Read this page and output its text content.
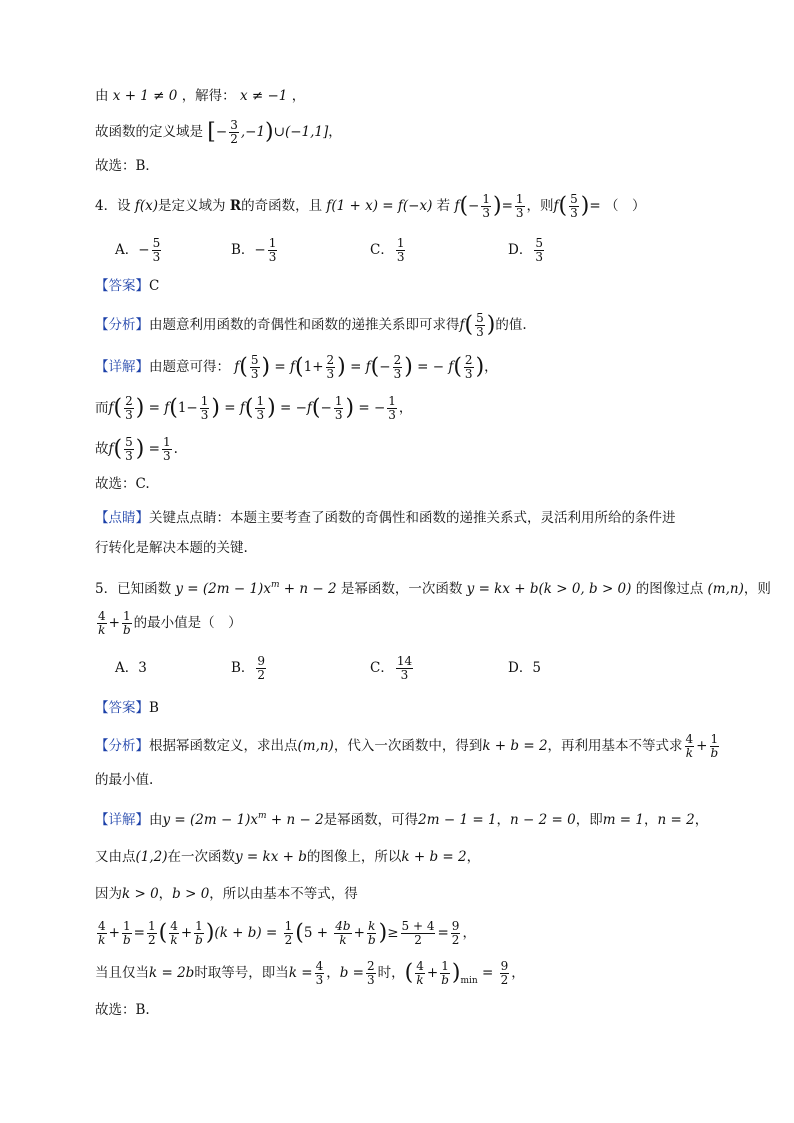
由 x + 1 ≠ 0 ，解得： x ≠ −1 ，
故函数的定义域是 [− $\frac{3}{2}$ ,−1)∪(−1,1]，
故选：B．
4．设 f(x)是定义域为 R的奇函数，且 f(1 + x) = f(−x) 若 $f(- \frac{1}{3}$ )= $\frac{1}{3}$ ，则$f( \frac{5}{3}$ )= （　）
A．− $\frac{5}{3}$	B．− $\frac{1}{3}$	C． $\frac{1}{3}$	D． $\frac{5}{3}$
【答案】C
【分析】由题意利用函数的奇偶性和函数的递推关系即可求得$f( \frac{5}{3}$ )的值.
【详解】由题意可得： $f( \frac{5}{3}$ ) = $f(1+ \frac{2}{3}$ ) = $f(- \frac{2}{3}$ ) = − $f( \frac{2}{3}$ )，
而$f( \frac{2}{3}$ ) = $f(1- \frac{1}{3}$ ) = $f( \frac{1}{3}$ ) = $-f(- \frac{1}{3}$ ) = − $\frac{1}{3}$ ，
故$f( \frac{5}{3}$ ) = $\frac{1}{3}$ .
故选：C.
【点睛】关键点点睛：本题主要考查了函数的奇偶性和函数的递推关系式，灵活利用所给的条件进
行转化是解决本题的关键.
5．已知函数 $y = (2m - 1)x^m + n - 2$ 是幂函数，一次函数 y = kx + b(k > 0, b > 0) 的图像过点 (m,n)，则
$\frac{4}{k} + \frac{1}{b}$ 的最小值是（　）
A．3	B． $\frac{9}{2}$	C． $\frac{14}{3}$	D．5
【答案】B
【分析】根据幂函数定义，求出点(m,n)，代入一次函数中，得到k + b = 2，再利用基本不等式求 $\frac{4}{k} + \frac{1}{b}$
的最小值.
【详解】由$y = (2m - 1)x^m + n - 2$是幂函数，可得2m − 1 = 1，n − 2 = 0，即m = 1，n = 2，
又由点(1,2)在一次函数y = kx + b的图像上，所以k + b = 2，
因为k > 0，b > 0，所以由基本不等式，得
$\frac{4}{k} + \frac{1}{b} = \frac{1}{2}$ ( $\frac{4}{k} + \frac{1}{b} )(k + b) = \frac{1}{2} (5 + \frac{4b}{k} + \frac{k}{b}$ )≥ $\frac{5 + 4}{2} = \frac{9}{2}$ ，
当且仅当k = 2b时取等号，即当$k = \frac{4}{3}$ ，$b = \frac{2}{3}$ 时，( $\frac{4}{k} + \frac{1}{b} )_{min} = \frac{9}{2}$ ，
故选：B.
